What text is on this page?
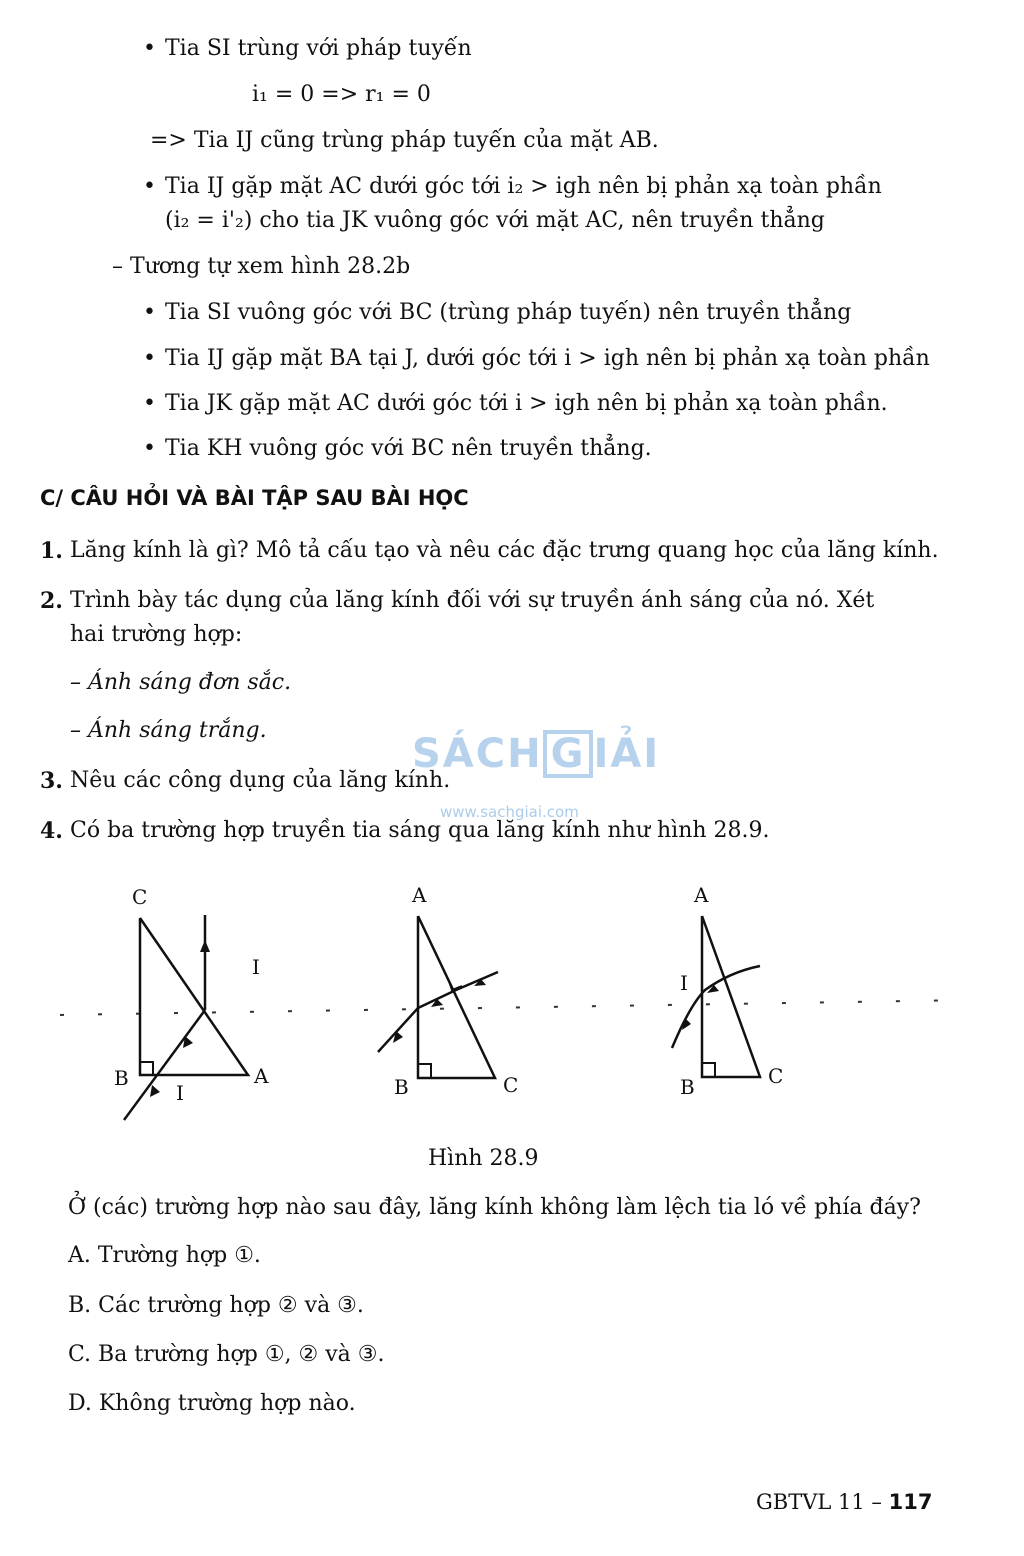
• Tia SI trùng với pháp tuyến
i₁ = 0 => r₁ = 0
=> Tia IJ cũng trùng pháp tuyến của mặt AB.
• Tia IJ gặp mặt AC dưới góc tới i₂ > igh nên bị phản xạ toàn phần
(i₂ = i'₂) cho tia JK vuông góc với mặt AC, nên truyền thẳng
– Tương tự xem hình 28.2b
• Tia SI vuông góc với BC (trùng pháp tuyến) nên truyền thẳng
• Tia IJ gặp mặt BA tại J, dưới góc tới i > igh nên bị phản xạ toàn phần
• Tia JK gặp mặt AC dưới góc tới i > igh nên bị phản xạ toàn phần.
• Tia KH vuông góc với BC nên truyền thẳng.
C/ CÂU HỎI VÀ BÀI TẬP SAU BÀI HỌC
1. Lăng kính là gì? Mô tả cấu tạo và nêu các đặc trưng quang học của lăng kính.
2. Trình bày tác dụng của lăng kính đối với sự truyền ánh sáng của nó. Xét
hai trường hợp:
– Ánh sáng đơn sắc.
– Ánh sáng trắng.
3. Nêu các công dụng của lăng kính.
4. Có ba trường hợp truyền tia sáng qua lăng kính như hình 28.9.
SÁCH G IẢI
www.sachgiai.com
C
B	A
I
I
A
B	C
A
B	C
I
Hình 28.9
Ở (các) trường hợp nào sau đây, lăng kính không làm lệch tia ló về phía đáy?
A. Trường hợp ①.
B. Các trường hợp ② và ③.
C. Ba trường hợp ①, ② và ③.
D. Không trường hợp nào.
GBTVL 11 – 117
